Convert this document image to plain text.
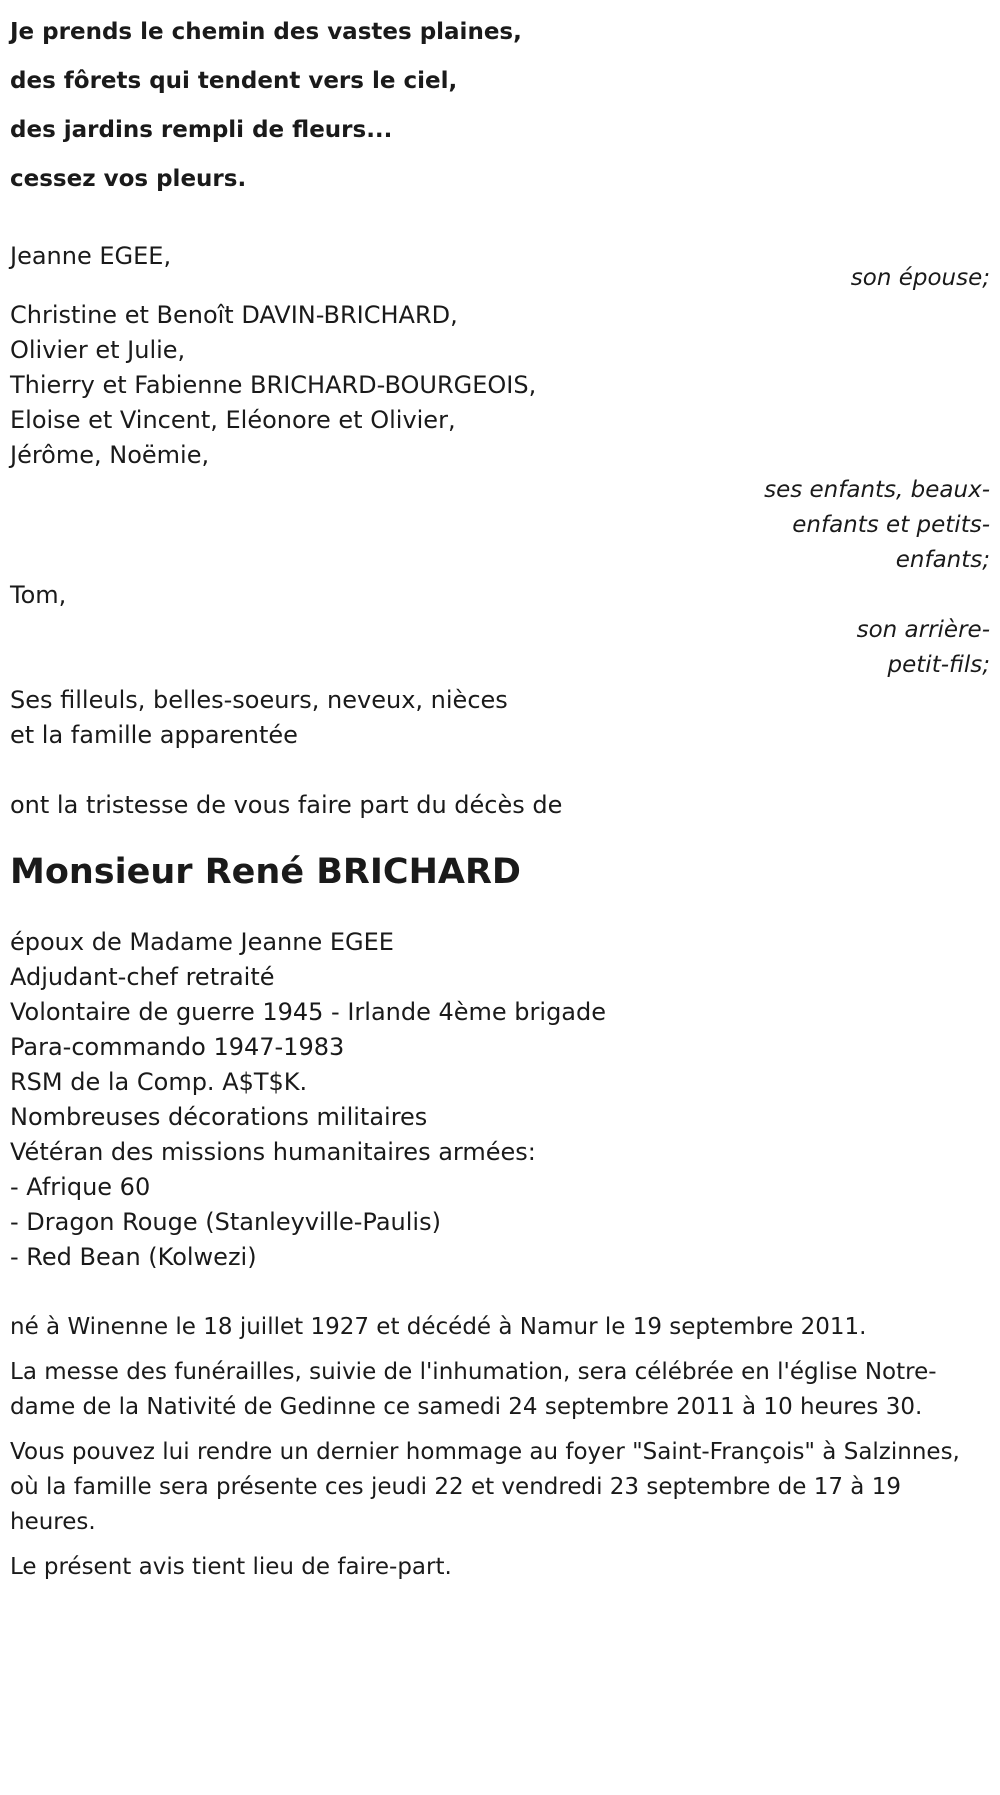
Je prends le chemin des vastes plaines,

des fôrets qui tendent vers le ciel,

des jardins rempli de fleurs...

cessez vos pleurs.

Jeanne EGEE,
son épouse;
Christine et Benoît DAVIN-BRICHARD,
Olivier et Julie,
Thierry et Fabienne BRICHARD-BOURGEOIS,
Eloise et Vincent, Eléonore et Olivier,
Jérôme, Noëmie,
ses enfants, beaux-
enfants et petits-
enfants;
Tom,
son arrière-
petit-fils;
Ses filleuls, belles-soeurs, neveux, nièces
et la famille apparentée

ont la tristesse de vous faire part du décès de

Monsieur René BRICHARD
époux de Madame Jeanne EGEE
Adjudant-chef retraité
Volontaire de guerre 1945 - Irlande 4ème brigade
Para-commando 1947-1983
RSM de la Comp. A$T$K.
Nombreuses décorations militaires
Vétéran des missions humanitaires armées:
- Afrique 60
- Dragon Rouge (Stanleyville-Paulis)
- Red Bean (Kolwezi)

né à Winenne le 18 juillet 1927 et décédé à Namur le 19 septembre 2011.

La messe des funérailles, suivie de l'inhumation, sera célébrée en l'église Notre-dame de la Nativité de Gedinne ce samedi 24 septembre 2011 à 10 heures 30.

Vous pouvez lui rendre un dernier hommage au foyer "Saint-François" à Salzinnes, où la famille sera présente ces jeudi 22 et vendredi 23 septembre de 17 à 19 heures.

Le présent avis tient lieu de faire-part.
